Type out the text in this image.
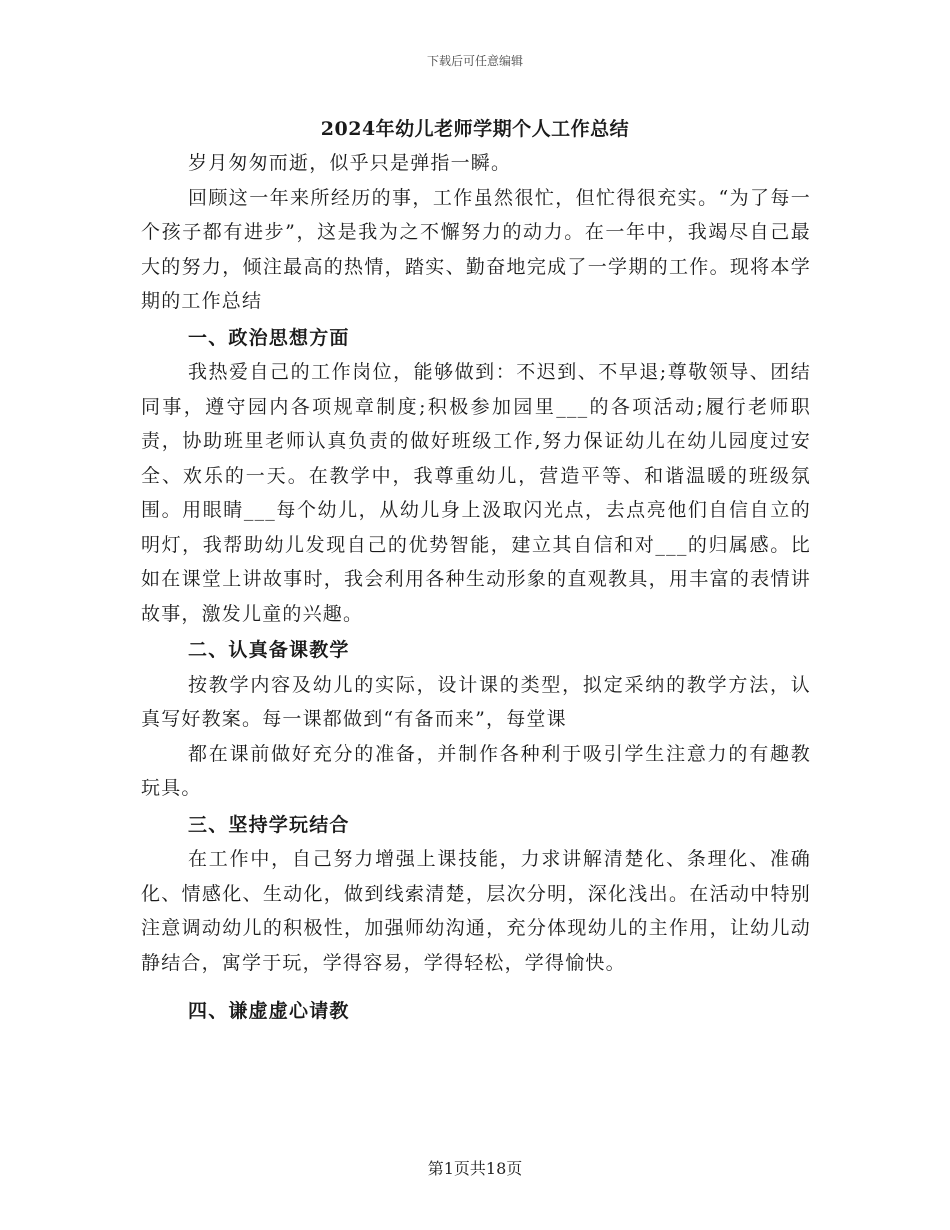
下载后可任意编辑
2024年幼儿老师学期个人工作总结

岁月匆匆而逝，似乎只是弹指一瞬。

回顾这一年来所经历的事，工作虽然很忙，但忙得很充实。“为了每一个孩子都有进步”，这是我为之不懈努力的动力。在一年中，我竭尽自己最大的努力，倾注最高的热情，踏实、勤奋地完成了一学期的工作。现将本学期的工作总结

一、政治思想方面

我热爱自己的工作岗位，能够做到：不迟到、不早退;尊敬领导、团结同事，遵守园内各项规章制度;积极参加园里___的各项活动;履行老师职责，协助班里老师认真负责的做好班级工作,努力保证幼儿在幼儿园度过安全、欢乐的一天。在教学中，我尊重幼儿，营造平等、和谐温暖的班级氛围。用眼睛___每个幼儿，从幼儿身上汲取闪光点，去点亮他们自信自立的明灯，我帮助幼儿发现自己的优势智能，建立其自信和对___的归属感。比如在课堂上讲故事时，我会利用各种生动形象的直观教具，用丰富的表情讲故事，激发儿童的兴趣。

二、认真备课教学

按教学内容及幼儿的实际，设计课的类型，拟定采纳的教学方法，认真写好教案。每一课都做到“有备而来”，每堂课

都在课前做好充分的准备，并制作各种利于吸引学生注意力的有趣教玩具。

三、坚持学玩结合

在工作中，自己努力增强上课技能，力求讲解清楚化、条理化、准确化、情感化、生动化，做到线索清楚，层次分明，深化浅出。在活动中特别注意调动幼儿的积极性，加强师幼沟通，充分体现幼儿的主作用，让幼儿动静结合，寓学于玩，学得容易，学得轻松，学得愉快。

四、谦虚虚心请教

第1页共18页
